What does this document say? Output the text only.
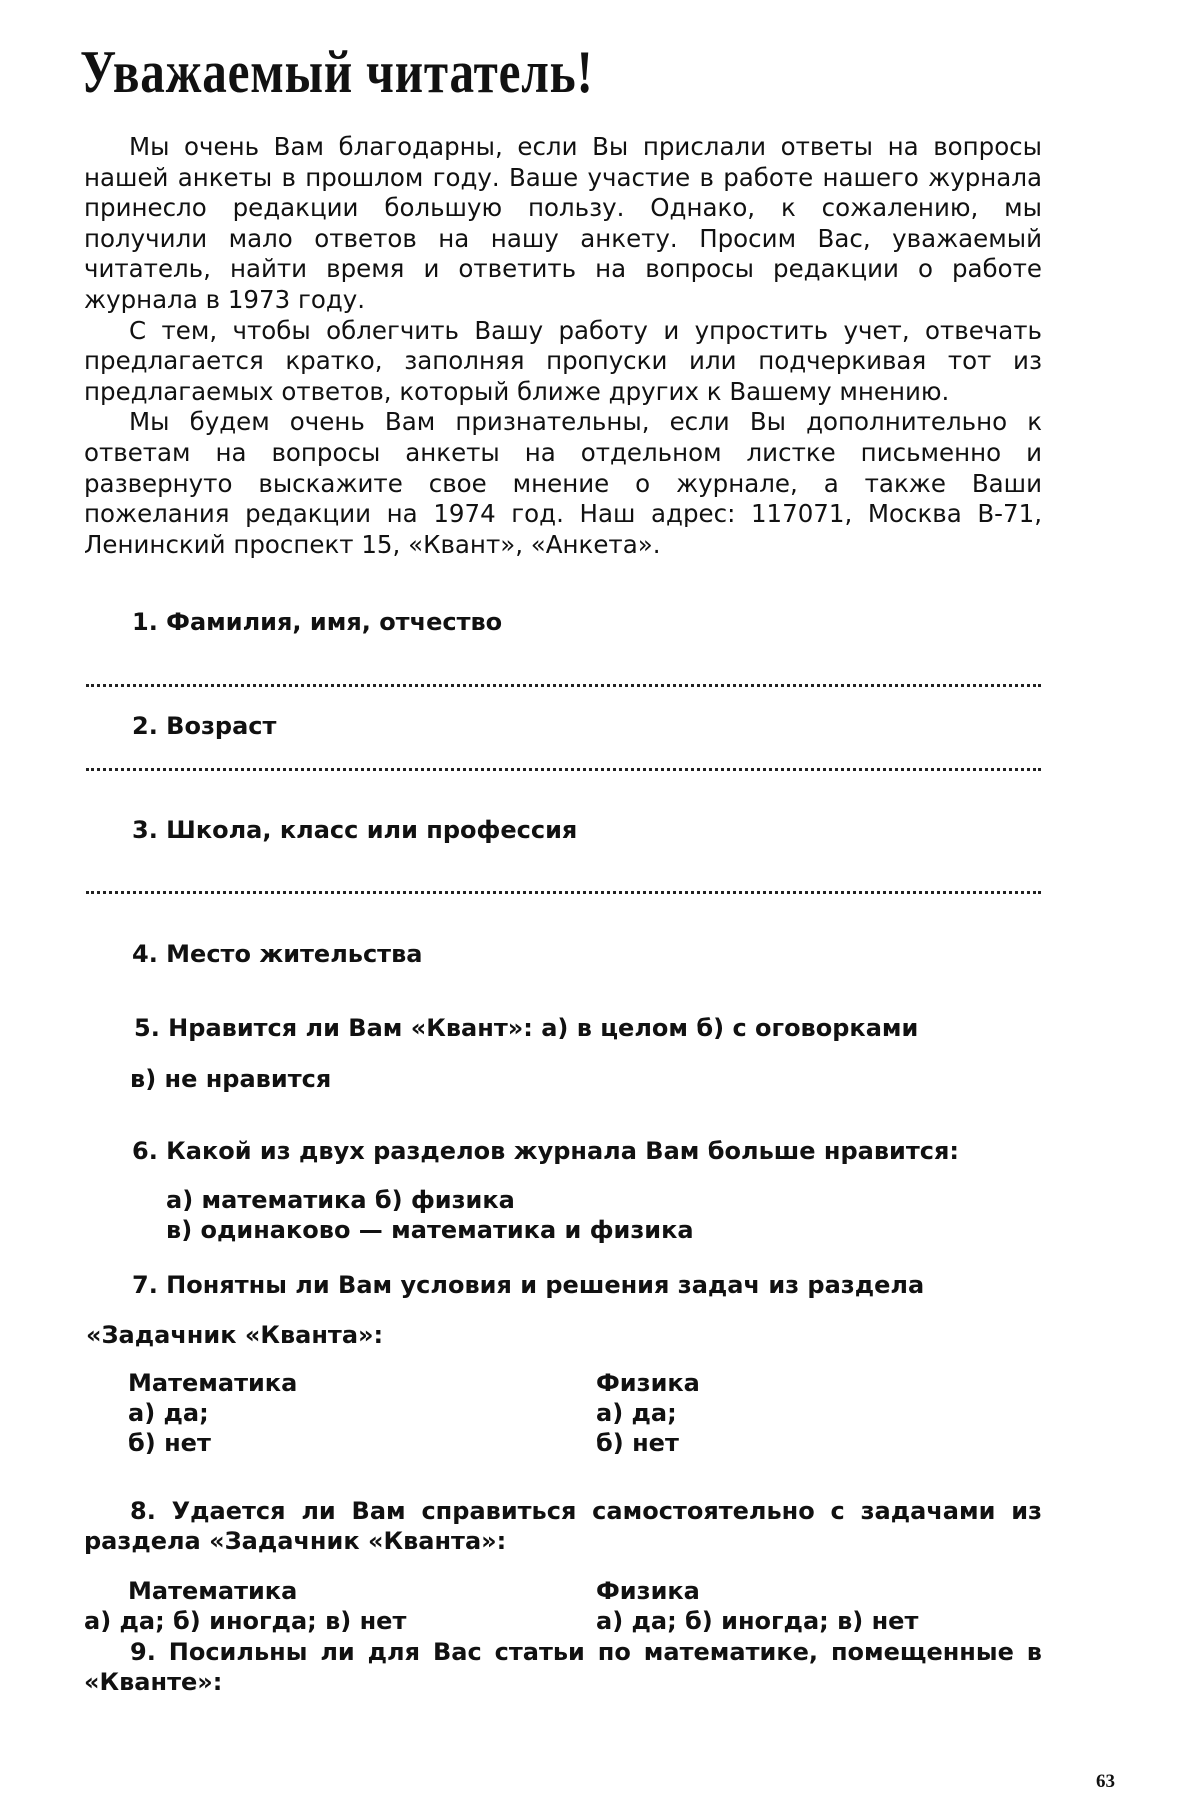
Уважаемый читатель!

Мы очень Вам благодарны, если Вы прислали ответы на вопросы нашей анкеты в прошлом году. Ваше участие в работе нашего журнала принесло редакции большую пользу. Однако, к сожалению, мы получили мало ответов на нашу анкету. Просим Вас, уважаемый читатель, найти время и ответить на вопросы редакции о работе журнала в 1973 году.

С тем, чтобы облегчить Вашу работу и упростить учет, отвечать предлагается кратко, заполняя пропуски или подчеркивая тот из предлагаемых ответов, который ближе других к Вашему мнению.

Мы будем очень Вам признательны, если Вы дополнительно к ответам на вопросы анкеты на отдельном листке письменно и развернуто выскажите свое мнение о журнале, а также Ваши пожелания редакции на 1974 год. Наш адрес: 117071, Москва В-71, Ленинский проспект 15, «Квант», «Анкета».

1. Фамилия, имя, отчество
2. Возраст
3. Школа, класс или профессия
4. Место жительства
5. Нравится ли Вам «Квант»: а) в целом б) с оговорками
в) не нравится
6. Какой из двух разделов журнала Вам больше нравится:
а) математика б) физика
в) одинаково — математика и физика
7. Понятны ли Вам условия и решения задач из раздела
«Задачник «Кванта»:
Математика
а) да;
б) нет
Физика
а) да;
б) нет

8. Удается ли Вам справиться самостоятельно с задачами из раздела «Задачник «Кванта»:

Математика
а) да; б) иногда; в) нет
Физика
а) да; б) иногда; в) нет

9. Посильны ли для Вас статьи по математике, помещенные в «Кванте»:

63
